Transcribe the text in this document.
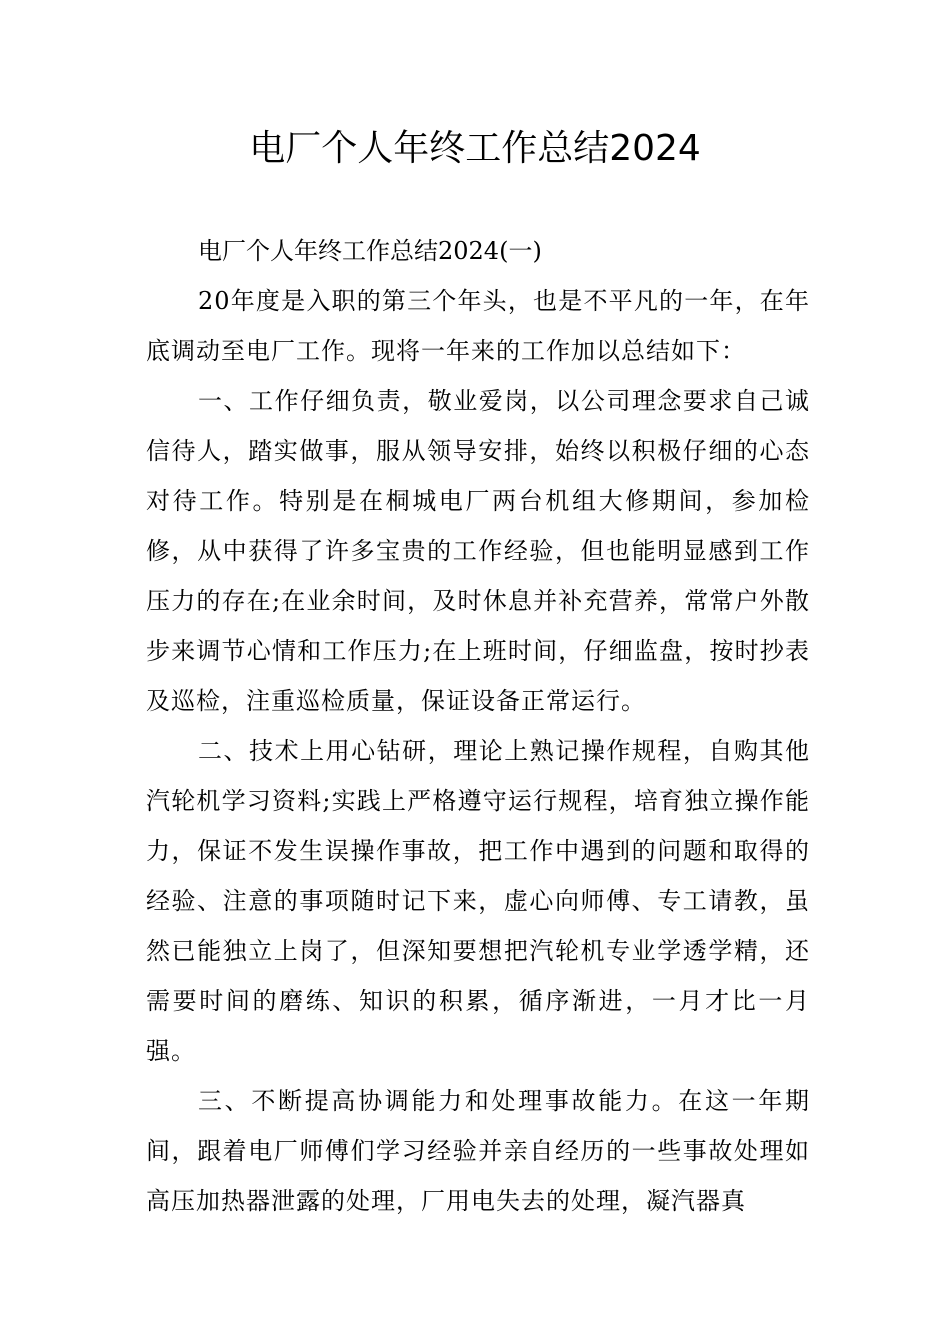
电厂个人年终工作总结2024

电厂个人年终工作总结2024(一)

20年度是入职的第三个年头，也是不平凡的一年，在年底调动至电厂工作。现将一年来的工作加以总结如下：

一、工作仔细负责，敬业爱岗，以公司理念要求自己诚信待人，踏实做事，服从领导安排，始终以积极仔细的心态对待工作。特别是在桐城电厂两台机组大修期间，参加检修，从中获得了许多宝贵的工作经验，但也能明显感到工作压力的存在;在业余时间，及时休息并补充营养，常常户外散步来调节心情和工作压力;在上班时间，仔细监盘，按时抄表及巡检，注重巡检质量，保证设备正常运行。

二、技术上用心钻研，理论上熟记操作规程，自购其他汽轮机学习资料;实践上严格遵守运行规程，培育独立操作能力，保证不发生误操作事故，把工作中遇到的问题和取得的经验、注意的事项随时记下来，虚心向师傅、专工请教，虽然已能独立上岗了，但深知要想把汽轮机专业学透学精，还需要时间的磨练、知识的积累，循序渐进，一月才比一月强。

三、不断提高协调能力和处理事故能力。在这一年期间，跟着电厂师傅们学习经验并亲自经历的一些事故处理如高压加热器泄露的处理，厂用电失去的处理，凝汽器真
